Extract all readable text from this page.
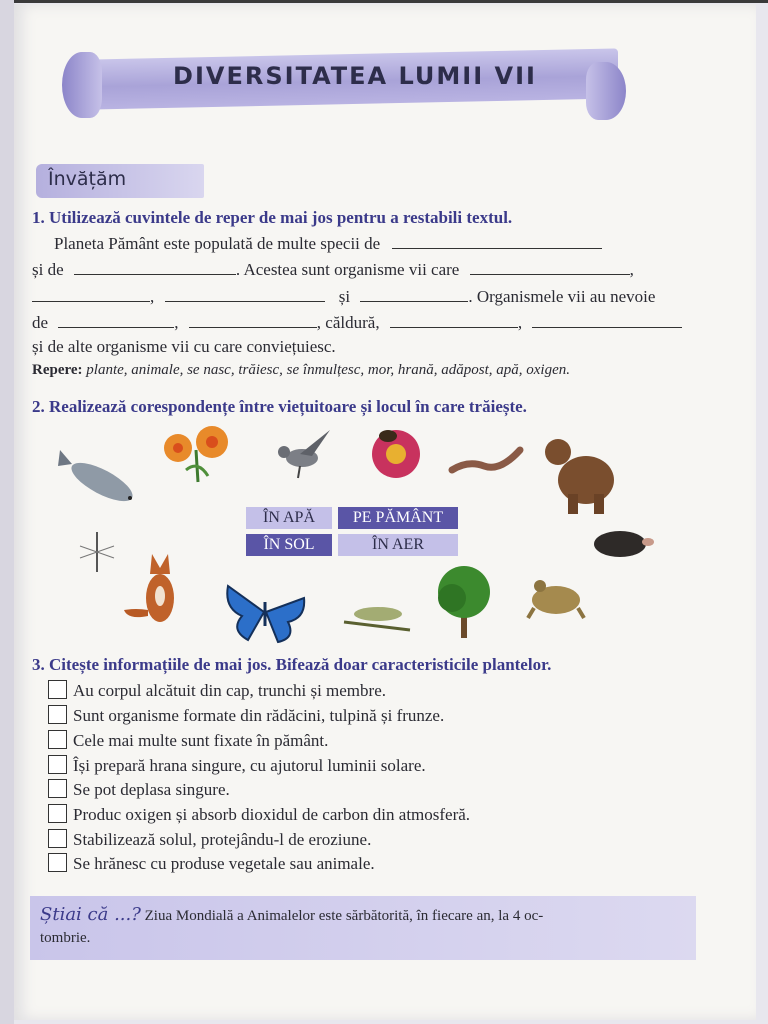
DIVERSITATEA LUMII VII
Învățăm
1. Utilizează cuvintele de reper de mai jos pentru a restabili textul.
Planeta Pământ este populată de multe specii de
și de	. Acestea sunt organisme vii care	,
,	și	. Organismele vii au nevoie
de	,	, căldură,	,
și de alte organisme vii cu care conviețuiesc.
Repere: plante, animale, se nasc, trăiesc, se înmulțesc, mor, hrană, adăpost, apă, oxigen.
2. Realizează corespondențe între viețuitoare și locul în care trăiește.
ÎN APĂ	PE PĂMÂNT
ÎN SOL	ÎN AER
3. Citește informațiile de mai jos. Bifează doar caracteristicile plantelor.
Au corpul alcătuit din cap, trunchi și membre.
Sunt organisme formate din rădăcini, tulpină și frunze.
Cele mai multe sunt fixate în pământ.
Își prepară hrana singure, cu ajutorul luminii solare.
Se pot deplasa singure.
Produc oxigen și absorb dioxidul de carbon din atmosferă.
Stabilizează solul, protejându-l de eroziune.
Se hrănesc cu produse vegetale sau animale.
Știai că ...? Ziua Mondială a Animalelor este sărbătorită, în fiecare an, la 4 oc-
tombrie.
